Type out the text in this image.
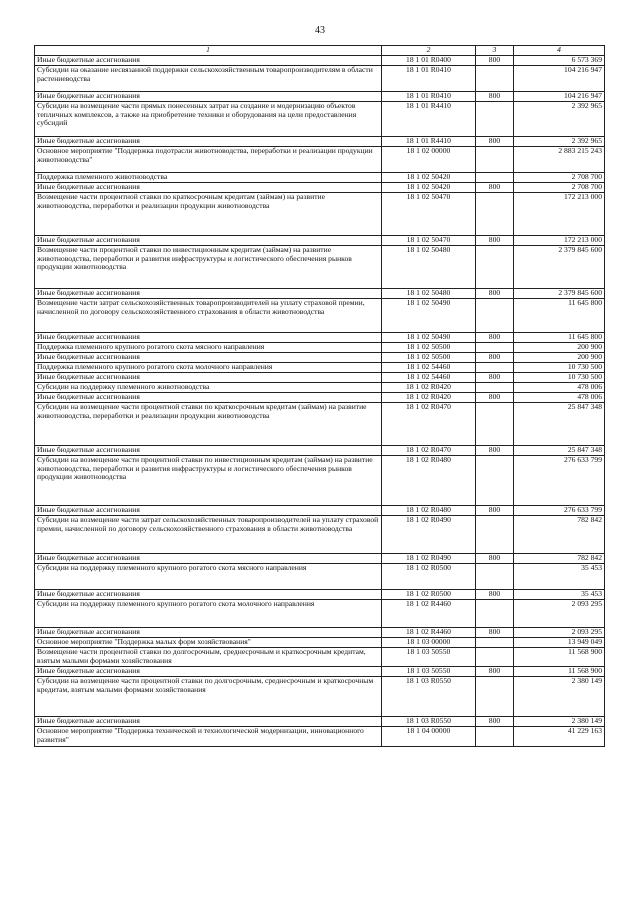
43
1	2	3	4
Иные бюджетные ассигнования	18 1 01 R0400	800	6 573 369
Субсидии на оказание несвязанной поддержки сельскохозяйственным товаропроизводителям в области растениеводства	18 1 01 R0410		104 216 947
Иные бюджетные ассигнования	18 1 01 R0410	800	104 216 947
Субсидии на возмещение части прямых понесенных затрат на создание и модернизацию объектов тепличных комплексов, а также на приобретение техники и оборудования на цели предоставления субсидий	18 1 01 R4410		2 392 965
Иные бюджетные ассигнования	18 1 01 R4410	800	2 392 965
Основное мероприятие "Поддержка подотрасли животноводства, переработки и реализации продукции животноводства"	18 1 02 00000		2 883 215 243
Поддержка племенного животноводства	18 1 02 50420		2 708 700
Иные бюджетные ассигнования	18 1 02 50420	800	2 708 700
Возмещение части процентной ставки по краткосрочным кредитам (займам) на развитие животноводства, переработки и реализации продукции животноводства	18 1 02 50470		172 213 000
Иные бюджетные ассигнования	18 1 02 50470	800	172 213 000
Возмещение части процентной ставки по инвестиционным кредитам (займам) на развитие животноводства, переработки и развития инфраструктуры и логистического обеспечения рынков продукции животноводства	18 1 02 50480		2 379 845 600
Иные бюджетные ассигнования	18 1 02 50480	800	2 379 845 600
Возмещение части затрат сельскохозяйственных товаропроизводителей на уплату страховой премии, начисленной по договору сельскохозяйственного страхования в области животноводства	18 1 02 50490		11 645 800
Иные бюджетные ассигнования	18 1 02 50490	800	11 645 800
Поддержка племенного крупного рогатого скота мясного направления	18 1 02 50500		200 900
Иные бюджетные ассигнования	18 1 02 50500	800	200 900
Поддержка племенного крупного рогатого скота молочного направления	18 1 02 54460		10 730 500
Иные бюджетные ассигнования	18 1 02 54460	800	10 730 500
Субсидии на поддержку племенного животноводства	18 1 02 R0420		478 006
Иные бюджетные ассигнования	18 1 02 R0420	800	478 006
Субсидии на возмещение части процентной ставки по краткосрочным кредитам (займам) на развитие животноводства, переработки и реализации продукции животноводства	18 1 02 R0470		25 847 348
Иные бюджетные ассигнования	18 1 02 R0470	800	25 847 348
Субсидии на возмещение части процентной ставки по инвестиционным кредитам (займам) на развитие животноводства, переработки и развития инфраструктуры и логистического обеспечения рынков продукции животноводства	18 1 02 R0480		276 633 799
Иные бюджетные ассигнования	18 1 02 R0480	800	276 633 799
Субсидии на возмещение части затрат сельскохозяйственных товаропроизводителей на уплату страховой премии, начисленной по договору сельскохозяйственного страхования в области животноводства	18 1 02 R0490		782 842
Иные бюджетные ассигнования	18 1 02 R0490	800	782 842
Субсидии на поддержку племенного крупного рогатого скота мясного направления	18 1 02 R0500		35 453
Иные бюджетные ассигнования	18 1 02 R0500	800	35 453
Субсидии на поддержку племенного крупного рогатого скота молочного направления	18 1 02 R4460		2 093 295
Иные бюджетные ассигнования	18 1 02 R4460	800	2 093 295
Основное мероприятие "Поддержка малых форм хозяйствования"	18 1 03 00000		13 949 049
Возмещение части процентной ставки по долгосрочным, среднесрочным и краткосрочным кредитам, взятым малыми формами хозяйствования	18 1 03 50550		11 568 900
Иные бюджетные ассигнования	18 1 03 50550	800	11 568 900
Субсидии на возмещение части процентной ставки по долгосрочным, среднесрочным и краткосрочным кредитам, взятым малыми формами хозяйствования	18 1 03 R0550		2 380 149
Иные бюджетные ассигнования	18 1 03 R0550	800	2 380 149
Основное мероприятие "Поддержка технической и технологической модернизации, инновационного развития"	18 1 04 00000		41 229 163
